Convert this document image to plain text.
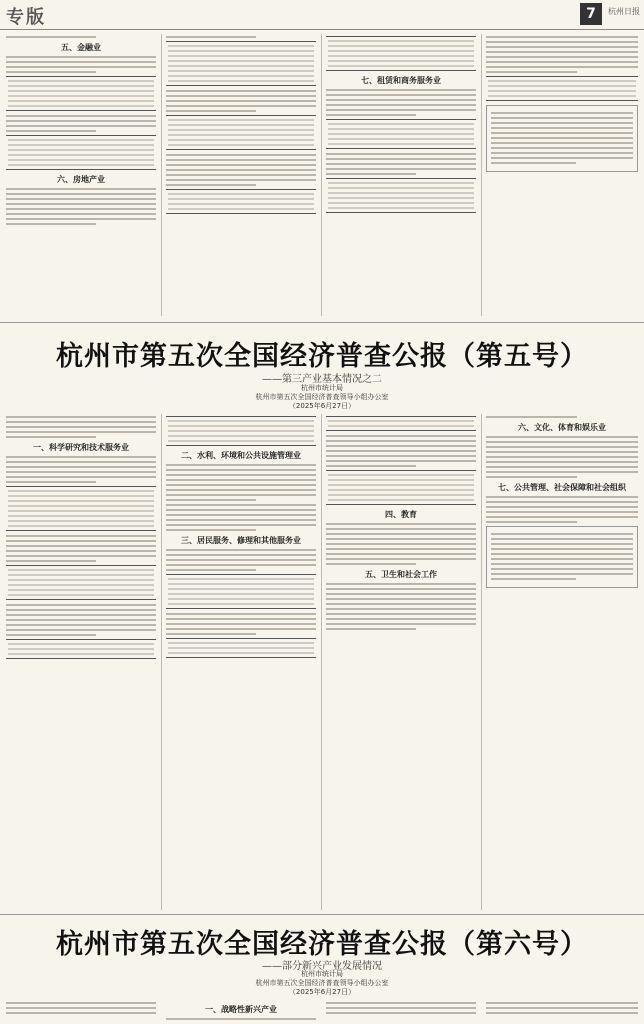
专版	7	杭州日报
五、金融业
六、房地产业
七、租赁和商务服务业
杭州市第五次全国经济普查公报（第五号）
——第三产业基本情况之二
杭州市统计局
杭州市第五次全国经济普查领导小组办公室
（2025年6月27日）
一、科学研究和技术服务业
二、水利、环境和公共设施管理业
三、居民服务、修理和其他服务业
四、教育
五、卫生和社会工作
六、文化、体育和娱乐业
七、公共管理、社会保障和社会组织
杭州市第五次全国经济普查公报（第六号）
——部分新兴产业发展情况
杭州市统计局
杭州市第五次全国经济普查领导小组办公室
（2025年6月27日）
一、战略性新兴产业
